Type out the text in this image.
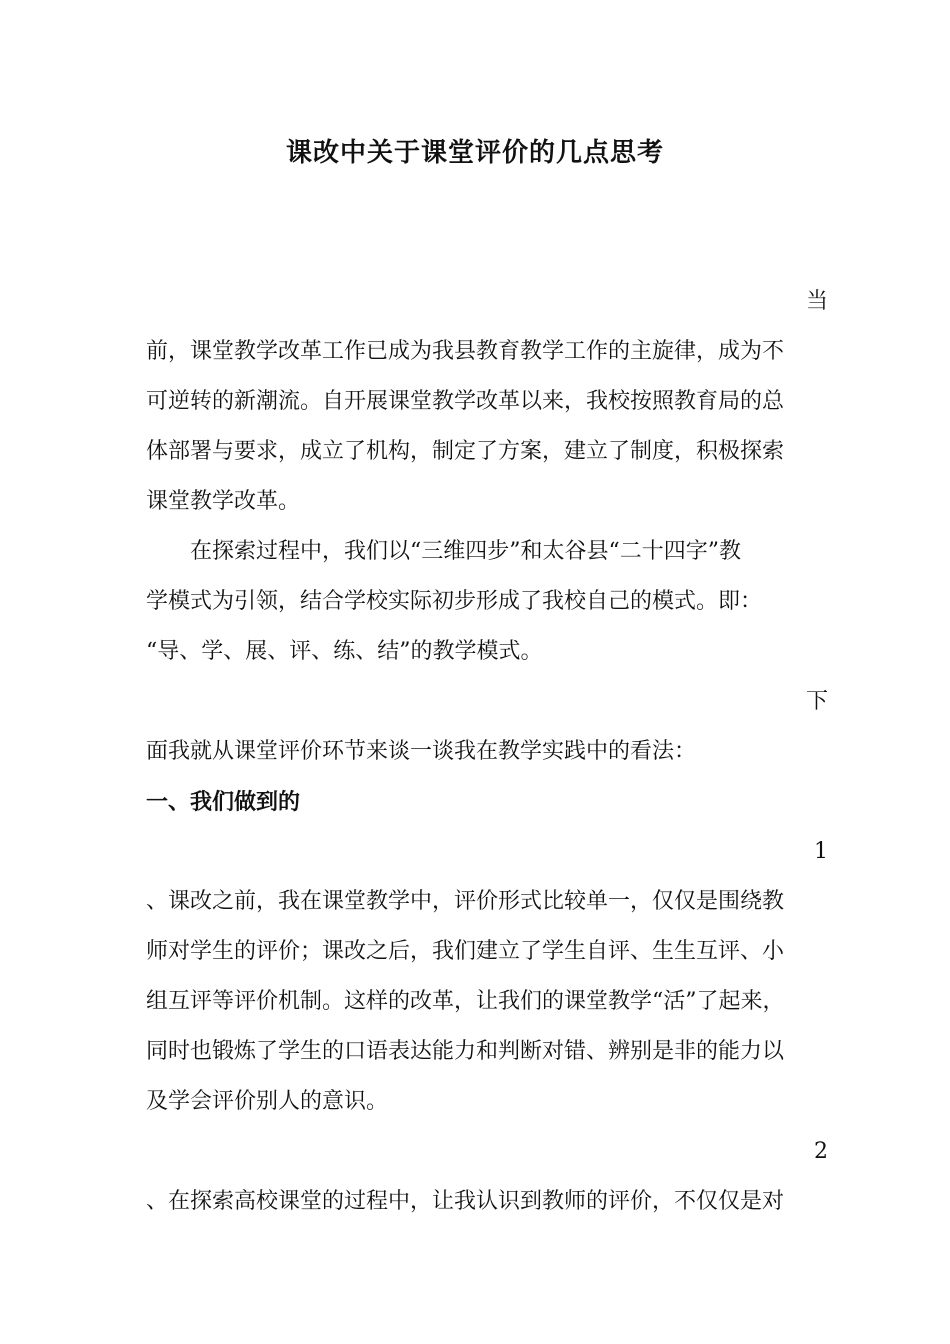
课改中关于课堂评价的几点思考
当
前，课堂教学改革工作已成为我县教育教学工作的主旋律，成为不
可逆转的新潮流。自开展课堂教学改革以来，我校按照教育局的总
体部署与要求，成立了机构，制定了方案，建立了制度，积极探索
课堂教学改革。
在探索过程中，我们以“三维四步”和太谷县“二十四字”教
学模式为引领，结合学校实际初步形成了我校自己的模式。即：
“导、学、展、评、练、结”的教学模式。
下
面我就从课堂评价环节来谈一谈我在教学实践中的看法：
一、我们做到的
1
、课改之前，我在课堂教学中，评价形式比较单一，仅仅是围绕教
师对学生的评价；课改之后，我们建立了学生自评、生生互评、小
组互评等评价机制。这样的改革，让我们的课堂教学“活”了起来，
同时也锻炼了学生的口语表达能力和判断对错、辨别是非的能力以
及学会评价别人的意识。
2
、在探索高校课堂的过程中，让我认识到教师的评价，不仅仅是对
